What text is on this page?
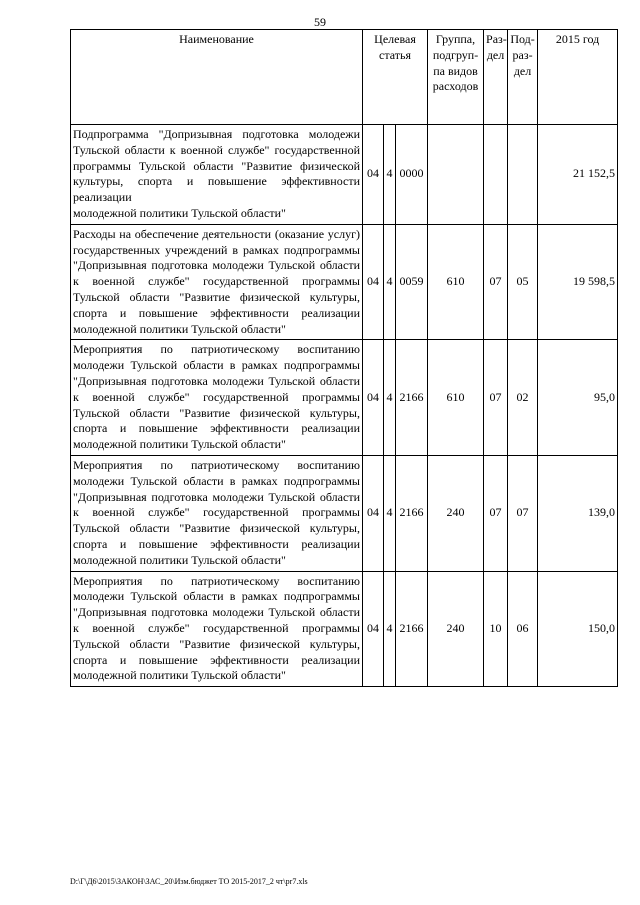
59
Наименование	Целевая
статья			Группа,
подгруп-
па видов
расходов	Раз-
дел	Под-
раз-
дел	2015 год
Подпрограмма "Допризывная подготовка молодежи Тульской области к военной службе" государственной программы Тульской области "Развитие физической культуры, спорта и повышение эффективности реализации
молодежной политики Тульской области"	04	4	0000				21 152,5
Расходы на обеспечение деятельности (оказание услуг) государственных учреждений в рамках подпрограммы "Допризывная подготовка молодежи Тульской области к военной службе" государственной программы Тульской области "Развитие физической культуры, спорта и повышение эффективности реализации
молодежной политики Тульской области"	04	4	0059	610	07	05	19 598,5
Мероприятия по патриотическому воспитанию молодежи Тульской области в рамках подпрограммы "Допризывная подготовка молодежи Тульской области к военной службе" государственной программы Тульской области "Развитие физической культуры, спорта и повышение эффективности реализации
молодежной политики Тульской области"	04	4	2166	610	07	02	95,0
Мероприятия по патриотическому воспитанию молодежи Тульской области в рамках подпрограммы "Допризывная подготовка молодежи Тульской области к военной службе" государственной программы Тульской области "Развитие физической культуры, спорта и повышение эффективности реализации
молодежной политики Тульской области"	04	4	2166	240	07	07	139,0
Мероприятия по патриотическому воспитанию молодежи Тульской области в рамках подпрограммы "Допризывная подготовка молодежи Тульской области к военной службе" государственной программы Тульской области "Развитие физической культуры, спорта и повышение эффективности реализации
молодежной политики Тульской области"	04	4	2166	240	10	06	150,0
D:\Г\Д6\2015\ЗАКОН\ЗАС_20\Изм.бюджет ТО 2015-2017_2 чт\pr7.xls
